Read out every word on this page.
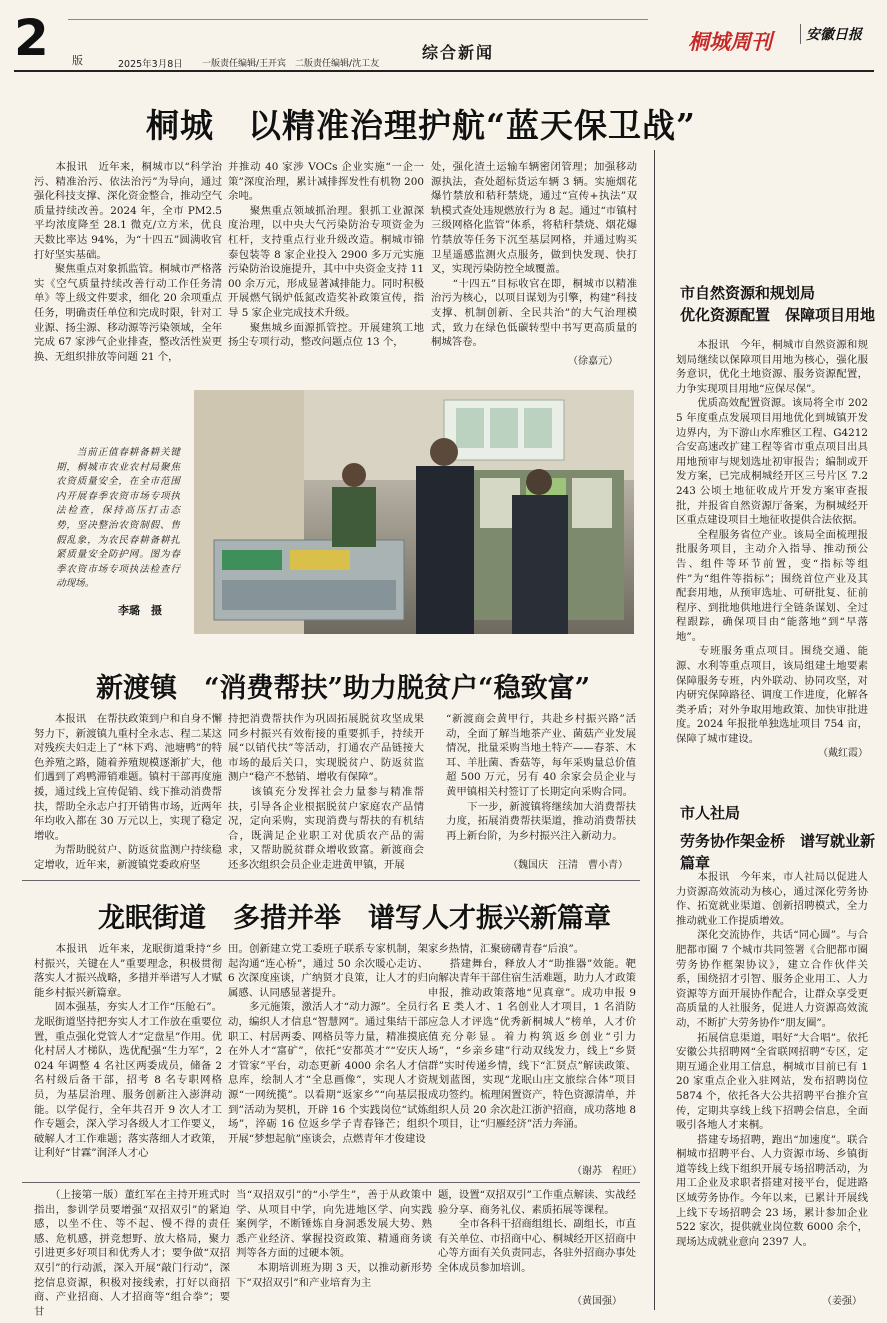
2	版	2025年3月8日 一版责任编辑/王开宾　二版责任编辑/沈工友
综合新闻	桐城周刊	安徽日报
桐城　以精准治理护航“蓝天保卫战”
　　本报讯　近年来，桐城市以“科学治污、精准治污、依法治污”为导向，通过强化科技支撑、深化资金整合，推动空气质量持续改善。2024 年，全市 PM2.5 平均浓度降至 28.1 微克/立方米，优良天数比率达 94%，为“十四五”圆满收官打好坚实基础。
　　聚焦重点对象抓监管。桐城市严格落实《空气质量持续改善行动工作任务清单》等上级文件要求，细化 20 余项重点任务，明确责任单位和完成时限，针对工业源、扬尘源、移动源等污染领域，全年完成 67 家涉气企业排查，整改活性炭更换、无组织排放等问题 21 个，
并推动 40 家涉 VOCs 企业实施“一企一策”深度治理，累计减排挥发性有机物 200 余吨。
　　聚焦重点领域抓治理。狠抓工业源深度治理，以中央大气污染防治专项资金为杠杆，支持重点行业升级改造。桐城市锦泰包装等 8 家企业投入 2900 多万元实施污染防治设施提升，其中中央资金支持 1100 余万元，形成显著减排能力。同时积极开展燃气锅炉低氮改造奖补政策宣传，指导 5 家企业完成技术升级。
　　聚焦城乡面源抓管控。开展建筑工地扬尘专项行动，整改问题点位 13 个，
处，强化渣土运输车辆密闭管理；加强移动源执法，查处超标货运车辆 3 辆。实施烟花爆竹禁放和秸秆禁烧，通过“宣传+执法”双轨模式查处违规燃放行为 8 起。通过“市镇村三级网格化监管”体系，将秸秆禁烧、烟花爆竹禁放等任务下沉至基层网格，并通过购买卫星遥感监测火点服务，做到快发现、快打叉，实现污染防控全域覆盖。
　　“十四五”目标收官在即，桐城市以精准治污为核心，以项目谋划为引擎，构建“科技支撑、机制创新、全民共治”的大气治理模式，致力在绿色低碳转型中书写更高质量的桐城答卷。
（徐嘉元）
　　当前正值春耕备耕关键期，桐城市农业农村局聚焦农资质量安全，在全市范围内开展春季农资市场专项执法检查，保持高压打击态势，坚决整治农资制假、售假乱象，为农民春耕备耕扎紧质量安全防护网。图为春季农资市场专项执法检查行动现场。
李璐　摄
新渡镇　“消费帮扶”助力脱贫户“稳致富”
　　本报讯　在帮扶政策到户和自身不懈努力下，新渡镇九重村全永志、程二某这对残疾夫妇走上了“林下鸡、池塘鸭”的特色养殖之路，随着养殖规模逐渐扩大，他们遇到了鸡鸭滞销难题。镇村干部再度施援，通过线上宣传促销、线下推动消费帮扶，帮助全永志户打开销售市场，近两年年均收入都在 30 万元以上，实现了稳定增收。
　　为帮助脱贫户、防返贫监测户持续稳定增收，近年来，新渡镇党委政府坚
持把消费帮扶作为巩固拓展脱贫攻坚成果同乡村振兴有效衔接的重要抓手，持续开展“以销代扶”等活动，打通农产品链接大市场的最后关口，实现脱贫户、防返贫监测户“稳产不愁销、增收有保障”。
　　该镇充分发挥社会力量参与精准帮扶，引导各企业根据脱贫户家庭农产品情况，定向采购，实现消费与帮扶的有机结合，既满足企业职工对优质农产品的需求，又帮助脱贫群众增收致富。新渡商会还多次组织会员企业走进黄甲镇，开展
“新渡商会黄甲行，共赴乡村振兴路”活动，全面了解当地茶产业、菌菇产业发展情况，批量采购当地土特产——春茶、木耳、羊肚菌、香菇等，每年采购量总价值超 500 万元，另有 40 余家会员企业与黄甲镇相关村签订了长期定向采购合同。
　　下一步，新渡镇将继续加大消费帮扶力度，拓展消费帮扶渠道，推动消费帮扶再上新台阶，为乡村振兴注入新动力。
（魏国庆　汪清　曹小青）
龙眠街道　多措并举　谱写人才振兴新篇章
　　本报讯　近年来，龙眠街道秉持“乡村振兴，关键在人”重要理念，积极贯彻落实人才振兴战略，多措并举谱写人才赋能乡村振兴新篇章。
　　固本强基，夯实人才工作“压舱石”。龙眠街道坚持把夯实人才工作放在重要位置，重点强化党管人才“定盘星”作用。优化村居人才梯队，选优配强“生力军”，2024 年调整 4 名社区两委成员，储备 2 名村级后备干部，招考 8 名专职网格员，为基层治理、服务创新注入澎湃动能。以学促行，全年共召开 9 次人才工作专题会，深入学习各级人才工作要义，破解人才工作难题；落实落细人才政策，让利好“甘霖”润泽人才心
田。创新建立党工委班子联系专家机制，架起沟通“连心桥”，通过 50 余次暖心走访、6 次深度座谈，广纳贤才良策，让人才的归属感、认同感显著提升。
　　多元施策，激活人才“动力源”。全员行动，编织人才信息“智慧网”。通过集结干部职工、村居两委、网格员等力量，精准摸底在外人才“富矿”，依托“安都英才”“安庆人才管家”平台，动态更新 4000 余名人才信息库，绘制人才“全息画像”，实现人才资源“一网统揽”。以看期“返家乡”“向基层报到”活动为契机，开辟 16 个实践岗位“试炼场”，淬砺 16 位返乡学子青春锋芒；组织开展“梦想起航”座谈会，点燃青年才俊建设
家乡热情，汇聚磅礴青春“后浪”。
　　搭建舞台，释放人才“助推器”效能。靶向解决青年干部住宿生活难题，助力人才政策申报，推动政策落地“见真章”。成功申报 9 名 E 类人才、1 名创业人才项目，1 名消防应急人才评选“优秀新桐城人”榜单，人才价值充分彰显。着力构筑返乡创业“引力场”，“乡亲乡建”行动双线发力，线上“乡贤群”实时传递乡情，线下“汇贤点”解读政策、规划蓝图，实现“龙眠山庄文旅综合体”项目成功签约。梳理闲置资产，特色资源清单，并组织人员 20 余次赴江浙沪招商，成功落地 8 个项目，让“归雁经济”活力奔涌。
（谢苏　程旺）
　　（上接第一版）董红军在主持开班式时指出，参训学员要增强“双招双引”的紧迫感，以坐不住、等不起、慢不得的责任感、危机感，拼竞想野、放大格局，聚力引进更多好项目和优秀人才；要争做“双招双引”的行动派，深入开展“敲门行动”，深挖信息资源，积极对接线索，打好以商招商、产业招商、人才招商等“组合拳”；要甘
当“双招双引”的“小学生”，善于从政策中学、从项目中学，向先进地区学、向实践案例学，不断锤炼自身洞悉发展大势、熟悉产业经济、掌握投资政策、精通商务谈判等各方面的过硬本领。
　　本期培训班为期 3 天，以推动新形势下“双招双引”和产业培育为主
题，设置“双招双引”工作重点解读、实战经验分享、商务礼仪、素质拓展等课程。
　　全市各科干招商组组长、副组长，市直有关单位、市招商中心、桐城经开区招商中心等方面有关负责同志，各驻外招商办事处全体成员参加培训。
（黄国强）
市自然资源和规划局
优化资源配置　保障项目用地
　　本报讯　今年，桐城市自然资源和规划局继续以保障项目用地为核心，强化服务意识，优化土地资源、服务资源配置，力争实现项目用地“应保尽保”。
　　优质高效配置资源。该局将全市 2025 年度重点发展项目用地优化到城镇开发边界内，为下游山水库雅区工程、G4212 合安高速改扩建工程等省市重点项目出具用地预审与规划选址初审报告；编制或开发方案，已完成桐城经开区三号片区 7.2243 公顷土地征收成片开发方案审查报批，并报省自然资源厅备案，为桐城经开区重点建设项目土地征收提供合法依据。
　　全程服务省位产业。该局全面梳理报批服务项目，主动介入指导、推动预公告、组件等环节前置，变“指标等组件”为“组件等指标”；围绕首位产业及其配套用地，从预审选址、可研批复、征前程序、到批地供地进行全链条谋划、全过程跟踪，确保项目由“能落地”到“早落地”。
　　专班服务重点项目。围绕交通、能源、水利等重点项目，该局组建土地要素保障服务专班，内外联动、协同攻坚，对内研究保障路径、调度工作进度，化解各类矛盾；对外争取用地政策、加快审批进度。2024 年报批单独选址项目 754 亩，保障了城市建设。
（戴红霞）
市人社局
劳务协作架金桥　谱写就业新篇章
　　本报讯　今年来，市人社局以促进人力资源高效流动为核心，通过深化劳务协作、拓宽就业渠道、创新招聘模式，全力推动就业工作提质增效。
　　深化交流协作，共话“同心圆”。与合肥都市圈 7 个城市共同签署《合肥都市圈劳务协作框架协议》，建立合作伙伴关系，围绕招才引智、服务企业用工、人力资源等方面开展协作配合，让群众享受更高质量的人社服务，促进人力资源高效流动，不断扩大劳务协作“朋友圈”。
　　拓展信息渠道，唱好“大合唱”。依托安徽公共招聘网“全省联网招聘”专区，定期互通企业用工信息，桐城市目前已有 120 家重点企业入驻网站，发布招聘岗位 5874 个，依托各大公共招聘平台推介宣传，定期共享线上线下招聘会信息，全面吸引各地人才来桐。
　　搭建专场招聘，跑出“加速度”。联合桐城市招聘平台、人力资源市场、乡镇街道等线上线下组织开展专场招聘活动，为用工企业及求职者搭建对接平台，促进路区域劳务协作。今年以来，已累计开展线上线下专场招聘会 23 场，累计参加企业 522 家次，提供就业岗位数 6000 余个，现场达成就业意向 2397 人。
（姜强）
